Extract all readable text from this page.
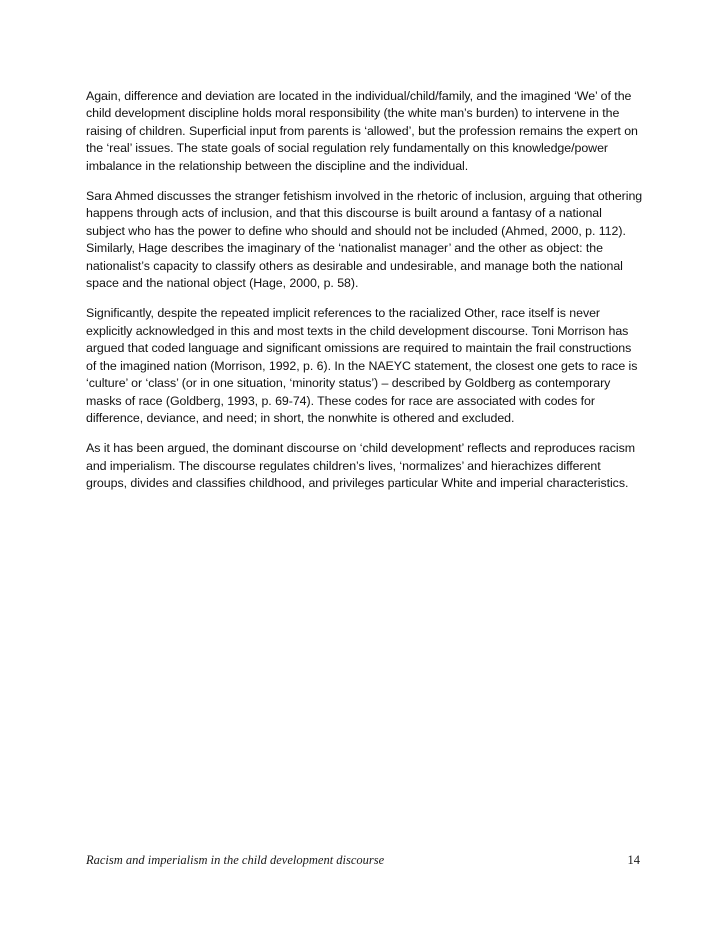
Again, difference and deviation are located in the individual/child/family, and the imagined ‘We’ of the child development discipline holds moral responsibility (the white man’s burden) to intervene in the raising of children. Superficial input from parents is ‘allowed’, but the profession remains the expert on the ‘real’ issues. The state goals of social regulation rely fundamentally on this knowledge/power imbalance in the relationship between the discipline and the individual.

Sara Ahmed discusses the stranger fetishism involved in the rhetoric of inclusion, arguing that othering happens through acts of inclusion, and that this discourse is built around a fantasy of a national subject who has the power to define who should and should not be included (Ahmed, 2000, p. 112). Similarly, Hage describes the imaginary of the ‘nationalist manager’ and the other as object: the nationalist’s capacity to classify others as desirable and undesirable, and manage both the national space and the national object (Hage, 2000, p. 58).

Significantly, despite the repeated implicit references to the racialized Other, race itself is never explicitly acknowledged in this and most texts in the child development discourse. Toni Morrison has argued that coded language and significant omissions are required to maintain the frail constructions of the imagined nation (Morrison, 1992, p. 6). In the NAEYC statement, the closest one gets to race is ‘culture’ or ‘class’ (or in one situation, ‘minority status’) – described by Goldberg as contemporary masks of race (Goldberg, 1993, p. 69-74). These codes for race are associated with codes for difference, deviance, and need; in short, the nonwhite is othered and excluded.

As it has been argued, the dominant discourse on ‘child development’ reflects and reproduces racism and imperialism. The discourse regulates children’s lives, ‘normalizes’ and hierachizes different groups, divides and classifies childhood, and privileges particular White and imperial characteristics.

Racism and imperialism in the child development discourse	14
